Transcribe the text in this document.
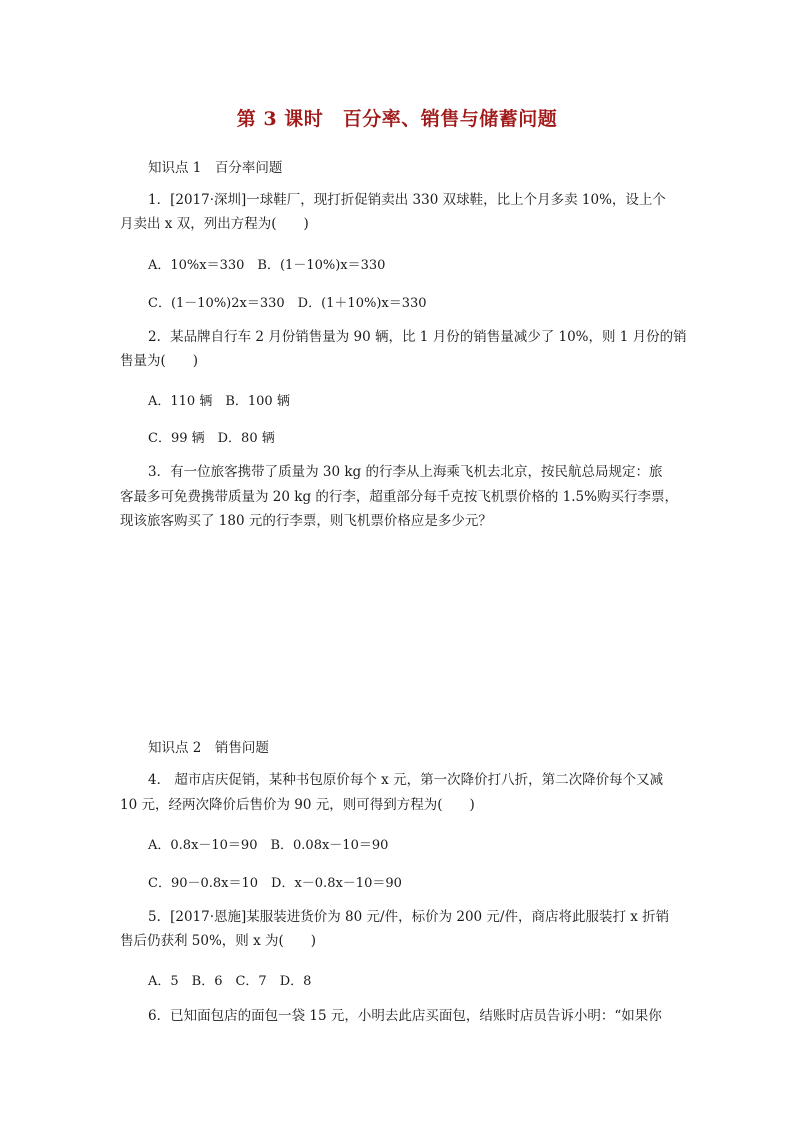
第 3 课时　百分率、销售与储蓄问题
知识点 1　百分率问题
1．[2017·深圳]一球鞋厂，现打折促销卖出 330 双球鞋，比上个月多卖 10%，设上个
月卖出 x 双，列出方程为(　　)
A．10%x＝330　B．(1－10%)x＝330
C．(1－10%)2x＝330　D．(1＋10%)x＝330
2．某品牌自行车 2 月份销售量为 90 辆，比 1 月份的销售量减少了 10%，则 1 月份的销
售量为(　　)
A．110 辆　B．100 辆
C．99 辆　D．80 辆
3．有一位旅客携带了质量为 30 kg 的行李从上海乘飞机去北京，按民航总局规定：旅
客最多可免费携带质量为 20 kg 的行李，超重部分每千克按飞机票价格的 1.5%购买行李票，
现该旅客购买了 180 元的行李票，则飞机票价格应是多少元？
知识点 2　销售问题
4． 超市店庆促销，某种书包原价每个 x 元，第一次降价打八折，第二次降价每个又减
10 元，经两次降价后售价为 90 元，则可得到方程为(　　)
A．0.8x－10＝90　B．0.08x－10＝90
C．90－0.8x＝10　D．x－0.8x－10＝90
5．[2017·恩施]某服装进货价为 80 元/件，标价为 200 元/件，商店将此服装打 x 折销
售后仍获利 50%，则 x 为(　　)
A．5　B．6　C．7　D．8
6．已知面包店的面包一袋 15 元，小明去此店买面包，结账时店员告诉小明：“如果你
